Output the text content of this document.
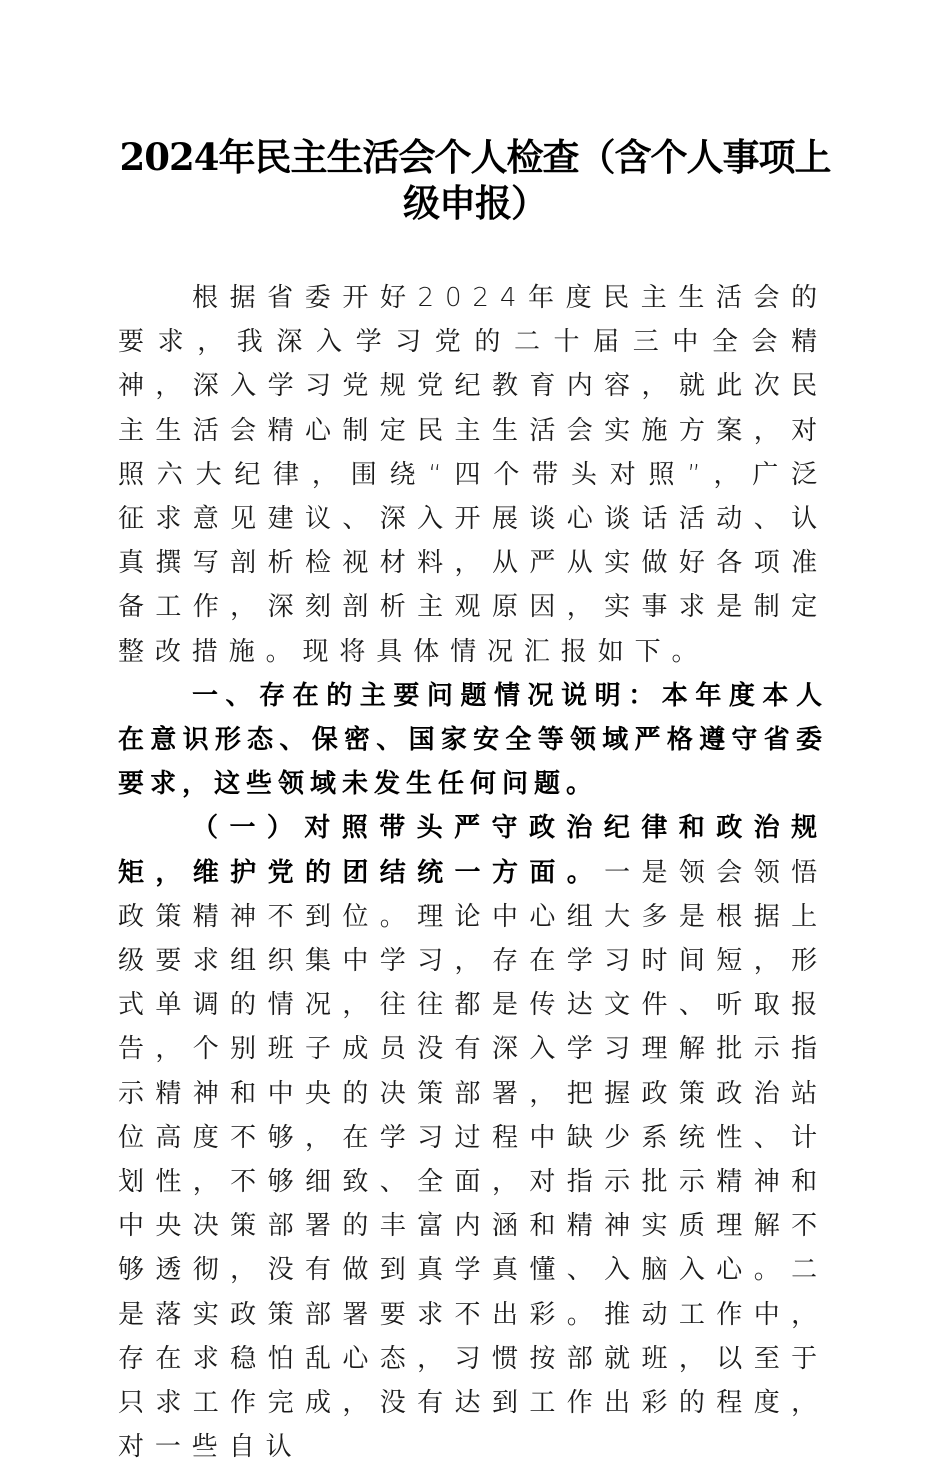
2024年民主生活会个人检查（含个人事项上
级申报）

根据省委开好2024年度民主生活会的要求，我深入学习党的二十届三中全会精神，深入学习党规党纪教育内容，就此次民主生活会精心制定民主生活会实施方案，对照六大纪律，围绕“四个带头对照”，广泛征求意见建议、深入开展谈心谈话活动、认真撰写剖析检视材料，从严从实做好各项准备工作，深刻剖析主观原因，实事求是制定整改措施。现将具体情况汇报如下。

一、存在的主要问题情况说明：本年度本人在意识形态、保密、国家安全等领域严格遵守省委要求，这些领域未发生任何问题。

（一）对照带头严守政治纪律和政治规矩，维护党的团结统一方面。一是领会领悟政策精神不到位。理论中心组大多是根据上级要求组织集中学习，存在学习时间短，形式单调的情况，往往都是传达文件、听取报告，个别班子成员没有深入学习理解批示指示精神和中央的决策部署，把握政策政治站位高度不够，在学习过程中缺少系统性、计划性，不够细致、全面，对指示批示精神和中央决策部署的丰富内涵和精神实质理解不够透彻，没有做到真学真懂、入脑入心。二是落实政策部署要求不出彩。推动工作中，存在求稳怕乱心态，习惯按部就班，以至于只求工作完成，没有达到工作出彩的程度，对一些自认
